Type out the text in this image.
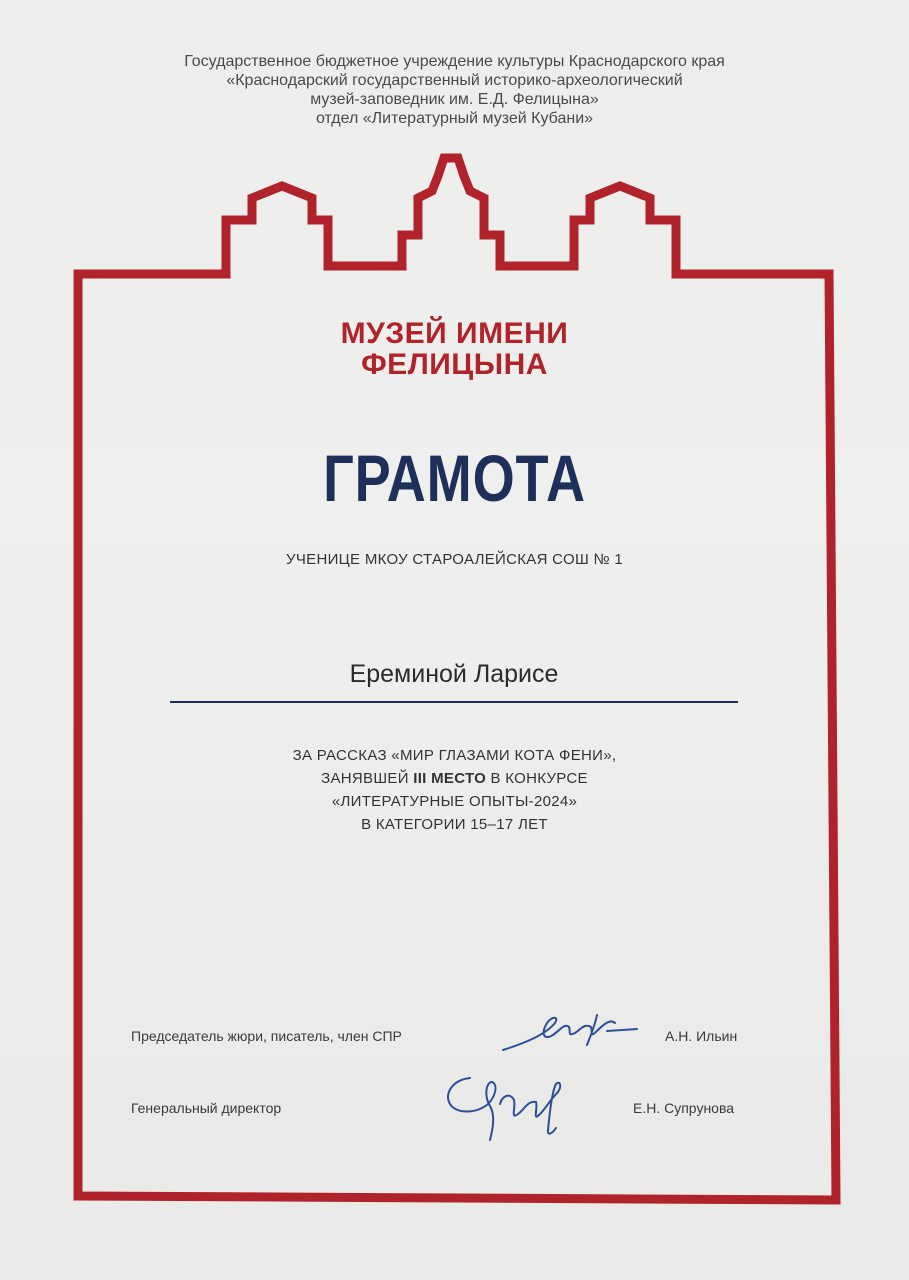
Государственное бюджетное учреждение культуры Краснодарского края
«Краснодарский государственный историко-археологический
музей-заповедник им. Е.Д. Фелицына»
отдел «Литературный музей Кубани»
МУЗЕЙ ИМЕНИ
ФЕЛИЦЫНА
ГРАМОТА
УЧЕНИЦЕ МКОУ СТАРОАЛЕЙСКАЯ СОШ № 1
Ереминой Ларисе
ЗА РАССКАЗ «МИР ГЛАЗАМИ КОТА ФЕНИ»,
ЗАНЯВШЕЙ III МЕСТО В КОНКУРСЕ
«ЛИТЕРАТУРНЫЕ ОПЫТЫ-2024»
В КАТЕГОРИИ 15–17 ЛЕТ
Председатель жюри, писатель, член СПР	А.Н. Ильин
Генеральный директор	Е.Н. Супрунова
